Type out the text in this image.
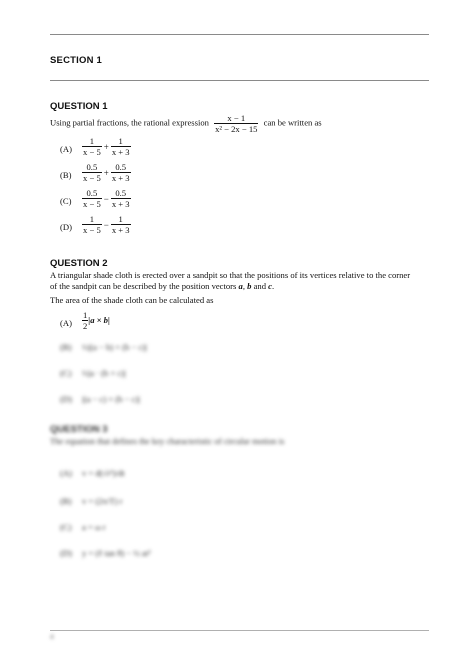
SECTION 1
QUESTION 1
Using partial fractions, the rational expression $\frac{x - 1}{\text{x² − 2x − 15}}$ can be written as
$(A) \frac{1}{x - 5} + \frac{1}{x + 3}$
$(B) \frac{0.5}{x - 5} + \frac{0.5}{x + 3}$
$(C) \frac{0.5}{x - 5} - \frac{0.5}{x + 3}$
$(D) \frac{1}{x - 5} - \frac{1}{x + 3}$
QUESTION 2
A triangular shade cloth is erected over a sandpit so that the positions of its vertices relative to the corner
of the sandpit can be described by the position vectors a, b and c.
The area of the shade cloth can be calculated as
$(A) \frac{1}{2} |a \times b|$
(B) ½|(a − b) × (b − c)|
(C) ½|a · (b × c)|
(D) |(a − c) × (b − c)|
QUESTION 3
The equation that defines the key characteristic of circular motion is
(A) v = d(√r²)/dt
(B) v = (2π/T) r
(C) a = ω r
(D) y = (ℓ tan θ) − ½ at²
4
